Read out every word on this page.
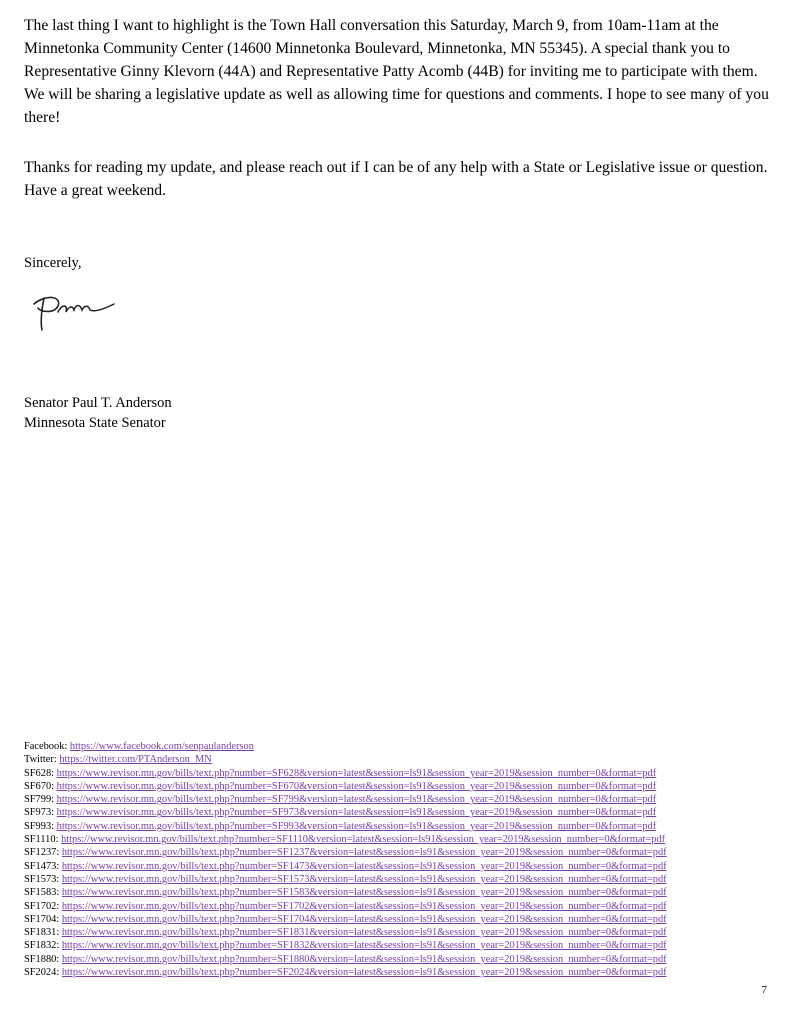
The last thing I want to highlight is the Town Hall conversation this Saturday, March 9, from 10am-11am at the Minnetonka Community Center (14600 Minnetonka Boulevard, Minnetonka, MN 55345). A special thank you to Representative Ginny Klevorn (44A) and Representative Patty Acomb (44B) for inviting me to participate with them. We will be sharing a legislative update as well as allowing time for questions and comments. I hope to see many of you there!

Thanks for reading my update, and please reach out if I can be of any help with a State or Legislative issue or question. Have a great weekend.

Sincerely,

Senator Paul T. Anderson
Minnesota State Senator
Facebook: https://www.facebook.com/senpaulanderson
Twitter: https://twitter.com/PTAnderson_MN
SF628: https://www.revisor.mn.gov/bills/text.php?number=SF628&version=latest&session=ls91&session_year=2019&session_number=0&format=pdf
SF670: https://www.revisor.mn.gov/bills/text.php?number=SF670&version=latest&session=ls91&session_year=2019&session_number=0&format=pdf
SF799: https://www.revisor.mn.gov/bills/text.php?number=SF799&version=latest&session=ls91&session_year=2019&session_number=0&format=pdf
SF973: https://www.revisor.mn.gov/bills/text.php?number=SF973&version=latest&session=ls91&session_year=2019&session_number=0&format=pdf
SF993: https://www.revisor.mn.gov/bills/text.php?number=SF993&version=latest&session=ls91&session_year=2019&session_number=0&format=pdf
SF1110: https://www.revisor.mn.gov/bills/text.php?number=SF1110&version=latest&session=ls91&session_year=2019&session_number=0&format=pdf
SF1237: https://www.revisor.mn.gov/bills/text.php?number=SF1237&version=latest&session=ls91&session_year=2019&session_number=0&format=pdf
SF1473: https://www.revisor.mn.gov/bills/text.php?number=SF1473&version=latest&session=ls91&session_year=2019&session_number=0&format=pdf
SF1573: https://www.revisor.mn.gov/bills/text.php?number=SF1573&version=latest&session=ls91&session_year=2019&session_number=0&format=pdf
SF1583: https://www.revisor.mn.gov/bills/text.php?number=SF1583&version=latest&session=ls91&session_year=2019&session_number=0&format=pdf
SF1702: https://www.revisor.mn.gov/bills/text.php?number=SF1702&version=latest&session=ls91&session_year=2019&session_number=0&format=pdf
SF1704: https://www.revisor.mn.gov/bills/text.php?number=SF1704&version=latest&session=ls91&session_year=2019&session_number=0&format=pdf
SF1831: https://www.revisor.mn.gov/bills/text.php?number=SF1831&version=latest&session=ls91&session_year=2019&session_number=0&format=pdf
SF1832: https://www.revisor.mn.gov/bills/text.php?number=SF1832&version=latest&session=ls91&session_year=2019&session_number=0&format=pdf
SF1880: https://www.revisor.mn.gov/bills/text.php?number=SF1880&version=latest&session=ls91&session_year=2019&session_number=0&format=pdf
SF2024: https://www.revisor.mn.gov/bills/text.php?number=SF2024&version=latest&session=ls91&session_year=2019&session_number=0&format=pdf
7
